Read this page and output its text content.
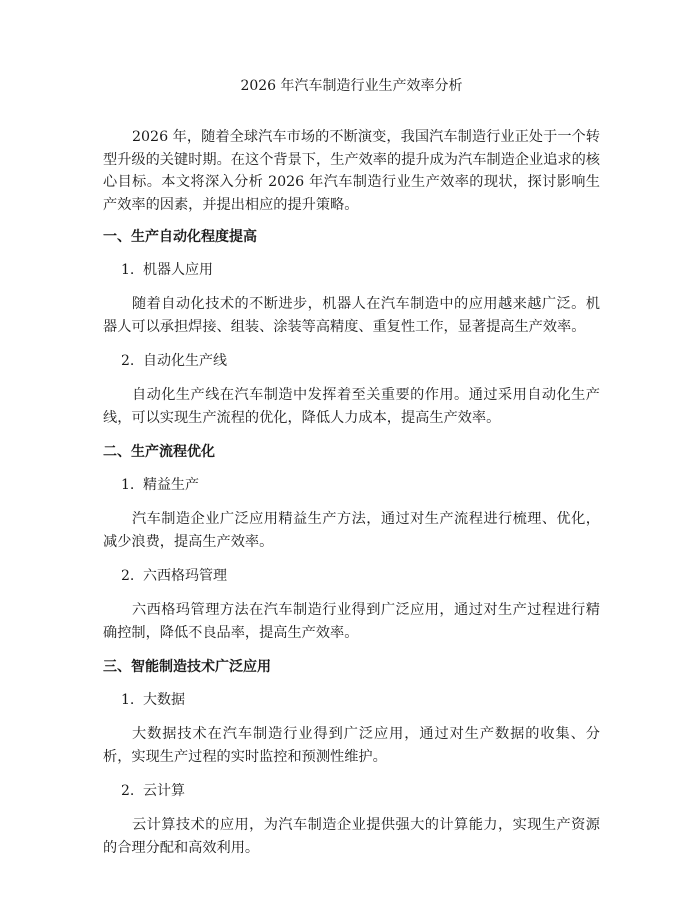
2026 年汽车制造行业生产效率分析

2026 年，随着全球汽车市场的不断演变，我国汽车制造行业正处于一个转型升级的关键时期。在这个背景下，生产效率的提升成为汽车制造企业追求的核心目标。本文将深入分析 2026 年汽车制造行业生产效率的现状，探讨影响生产效率的因素，并提出相应的提升策略。

一、生产自动化程度提高
1. 机器人应用

随着自动化技术的不断进步，机器人在汽车制造中的应用越来越广泛。机器人可以承担焊接、组装、涂装等高精度、重复性工作，显著提高生产效率。

2. 自动化生产线

自动化生产线在汽车制造中发挥着至关重要的作用。通过采用自动化生产线，可以实现生产流程的优化，降低人力成本，提高生产效率。

二、生产流程优化
1. 精益生产

汽车制造企业广泛应用精益生产方法，通过对生产流程进行梳理、优化，减少浪费，提高生产效率。

2. 六西格玛管理

六西格玛管理方法在汽车制造行业得到广泛应用，通过对生产过程进行精确控制，降低不良品率，提高生产效率。

三、智能制造技术广泛应用
1. 大数据

大数据技术在汽车制造行业得到广泛应用，通过对生产数据的收集、分析，实现生产过程的实时监控和预测性维护。

2. 云计算

云计算技术的应用，为汽车制造企业提供强大的计算能力，实现生产资源的合理分配和高效利用。
